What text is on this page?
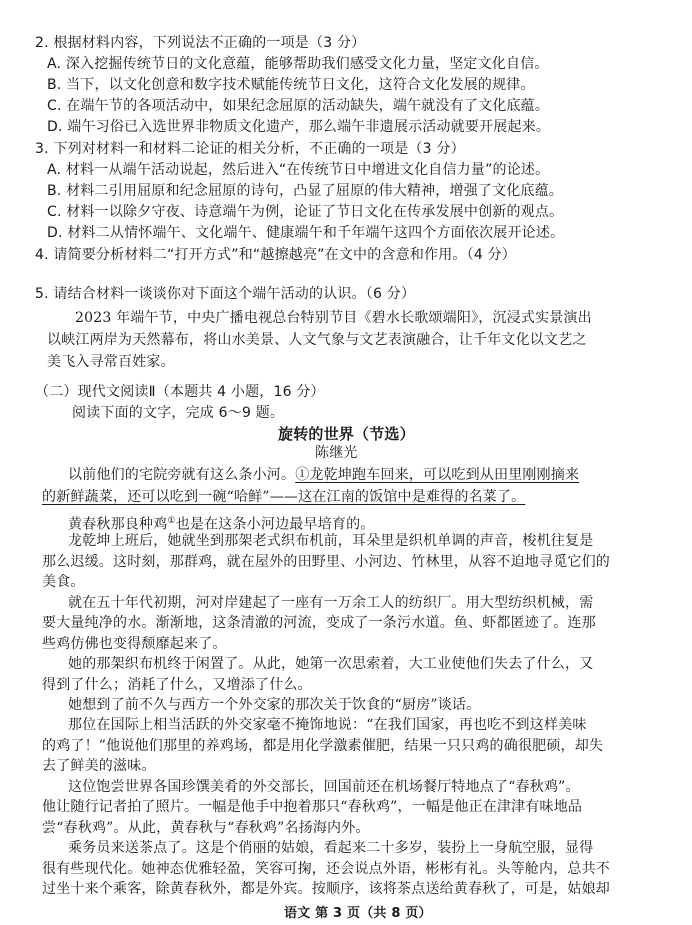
2. 根据材料内容，下列说法不正确的一项是（3 分）
A. 深入挖掘传统节日的文化意蕴，能够帮助我们感受文化力量，坚定文化自信。
B. 当下，以文化创意和数字技术赋能传统节日文化，这符合文化发展的规律。
C. 在端午节的各项活动中，如果纪念屈原的活动缺失，端午就没有了文化底蕴。
D. 端午习俗已入选世界非物质文化遗产，那么端午非遗展示活动就要开展起来。
3. 下列对材料一和材料二论证的相关分析，不正确的一项是（3 分）
A. 材料一从端午活动说起，然后进入“在传统节日中增进文化自信力量”的论述。
B. 材料二引用屈原和纪念屈原的诗句，凸显了屈原的伟大精神，增强了文化底蕴。
C. 材料一以除夕守夜、诗意端午为例，论证了节日文化在传承发展中创新的观点。
D. 材料二从情怀端午、文化端午、健康端午和千年端午这四个方面依次展开论述。
4. 请简要分析材料二“打开方式”和“越擦越亮”在文中的含意和作用。（4 分）
5. 请结合材料一谈谈你对下面这个端午活动的认识。（6 分）
2023 年端午节，中央广播电视总台特别节目《碧水长歌颂端阳》，沉浸式实景演出
以峡江两岸为天然幕布，将山水美景、人文气象与文艺表演融合，让千年文化以文艺之
美飞入寻常百姓家。
（二）现代文阅读Ⅱ（本题共 4 小题，16 分）
阅读下面的文字，完成 6～9 题。
旋转的世界（节选）
陈继光
以前他们的宅院旁就有这么条小河。①龙乾坤跑车回来，可以吃到从田里刚刚摘来
的新鲜蔬菜，还可以吃到一碗“哈鲜”——这在江南的饭馆中是难得的名菜了。
黄春秋那良种鸡①也是在这条小河边最早培育的。
龙乾坤上班后，她就坐到那架老式织布机前，耳朵里是织机单调的声音，梭机往复是
那么迟缓。这时刻，那群鸡，就在屋外的田野里、小河边、竹林里，从容不迫地寻觅它们的
美食。
就在五十年代初期，河对岸建起了一座有一万余工人的纺织厂。用大型纺织机械，需
要大量纯净的水。渐渐地，这条清澈的河流，变成了一条污水道。鱼、虾都匿迹了。连那
些鸡仿佛也变得颓靡起来了。
她的那架织布机终于闲置了。从此，她第一次思索着，大工业使他们失去了什么，又
得到了什么；消耗了什么，又增添了什么。
她想到了前不久与西方一个外交家的那次关于饮食的“厨房”谈话。
那位在国际上相当活跃的外交家毫不掩饰地说：“在我们国家，再也吃不到这样美味
的鸡了！”他说他们那里的养鸡场，都是用化学激素催肥，结果一只只鸡的确很肥硕，却失
去了鲜美的滋味。
这位饱尝世界各国珍馔美肴的外交部长，回国前还在机场餐厅特地点了“春秋鸡”。
他让随行记者拍了照片。一幅是他手中抱着那只“春秋鸡”，一幅是他正在津津有味地品
尝“春秋鸡”。从此，黄春秋与“春秋鸡”名扬海内外。
乘务员来送茶点了。这是个俏丽的姑娘，看起来二十多岁，装扮上一身航空服，显得
很有些现代化。她神态优雅轻盈，笑容可掬，还会说点外语，彬彬有礼。头等舱内，总共不
过坐十来个乘客，除黄春秋外，都是外宾。按顺序，该将茶点送给黄春秋了，可是，姑娘却
语文 第 3 页（共 8 页）
